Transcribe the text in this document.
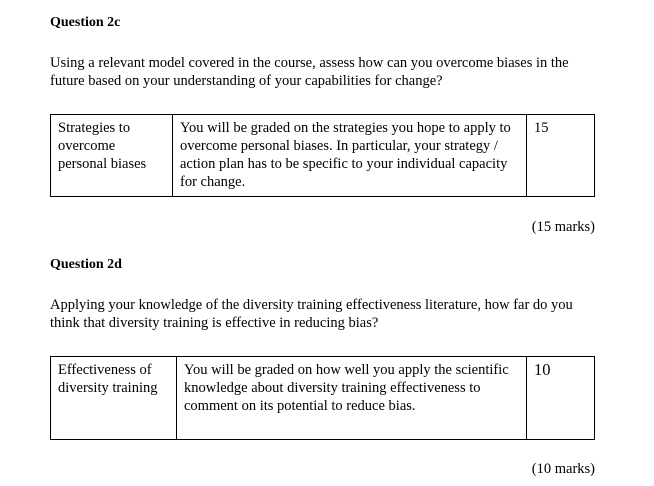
Question 2c

Using a relevant model covered in the course, assess how can you overcome biases in the future based on your understanding of your capabilities for change?

Strategies to overcome personal biases	You will be graded on the strategies you hope to apply to overcome personal biases. In particular, your strategy / action plan has to be specific to your individual capacity for change.	15

(15 marks)

Question 2d

Applying your knowledge of the diversity training effectiveness literature, how far do you think that diversity training is effective in reducing bias?

Effectiveness of diversity training	You will be graded on how well you apply the scientific knowledge about diversity training effectiveness to comment on its potential to reduce bias.	10

(10 marks)
